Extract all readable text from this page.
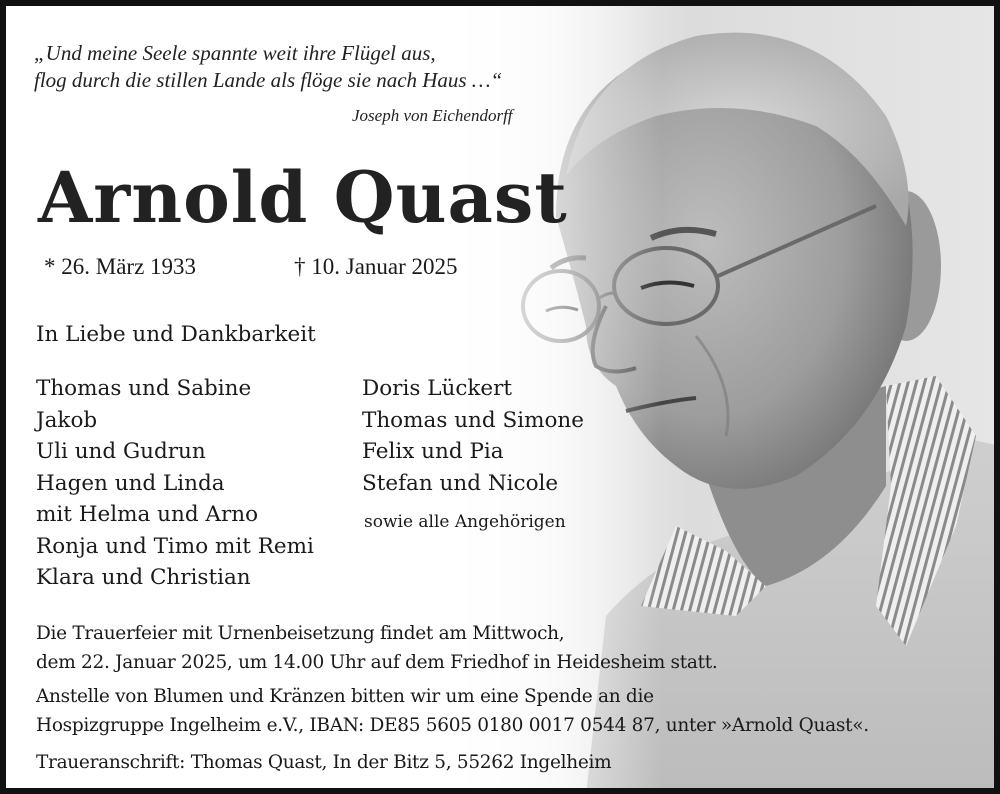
„Und meine Seele spannte weit ihre Flügel aus,
flog durch die stillen Lande als flöge sie nach Haus …“
Joseph von Eichendorff
Arnold Quast
* 26. März 1933	† 10. Januar 2025
In Liebe und Dankbarkeit
Thomas und Sabine
Jakob
Uli und Gudrun
Hagen und Linda
mit Helma und Arno
Ronja und Timo mit Remi
Klara und Christian
Doris Lückert
Thomas und Simone
Felix und Pia
Stefan und Nicole
sowie alle Angehörigen
Die Trauerfeier mit Urnenbeisetzung findet am Mittwoch,
dem 22. Januar 2025, um 14.00 Uhr auf dem Friedhof in Heidesheim statt.
Anstelle von Blumen und Kränzen bitten wir um eine Spende an die
Hospizgruppe Ingelheim e.V., IBAN: DE85 5605 0180 0017 0544 87, unter »Arnold Quast«.
Traueranschrift: Thomas Quast, In der Bitz 5, 55262 Ingelheim
